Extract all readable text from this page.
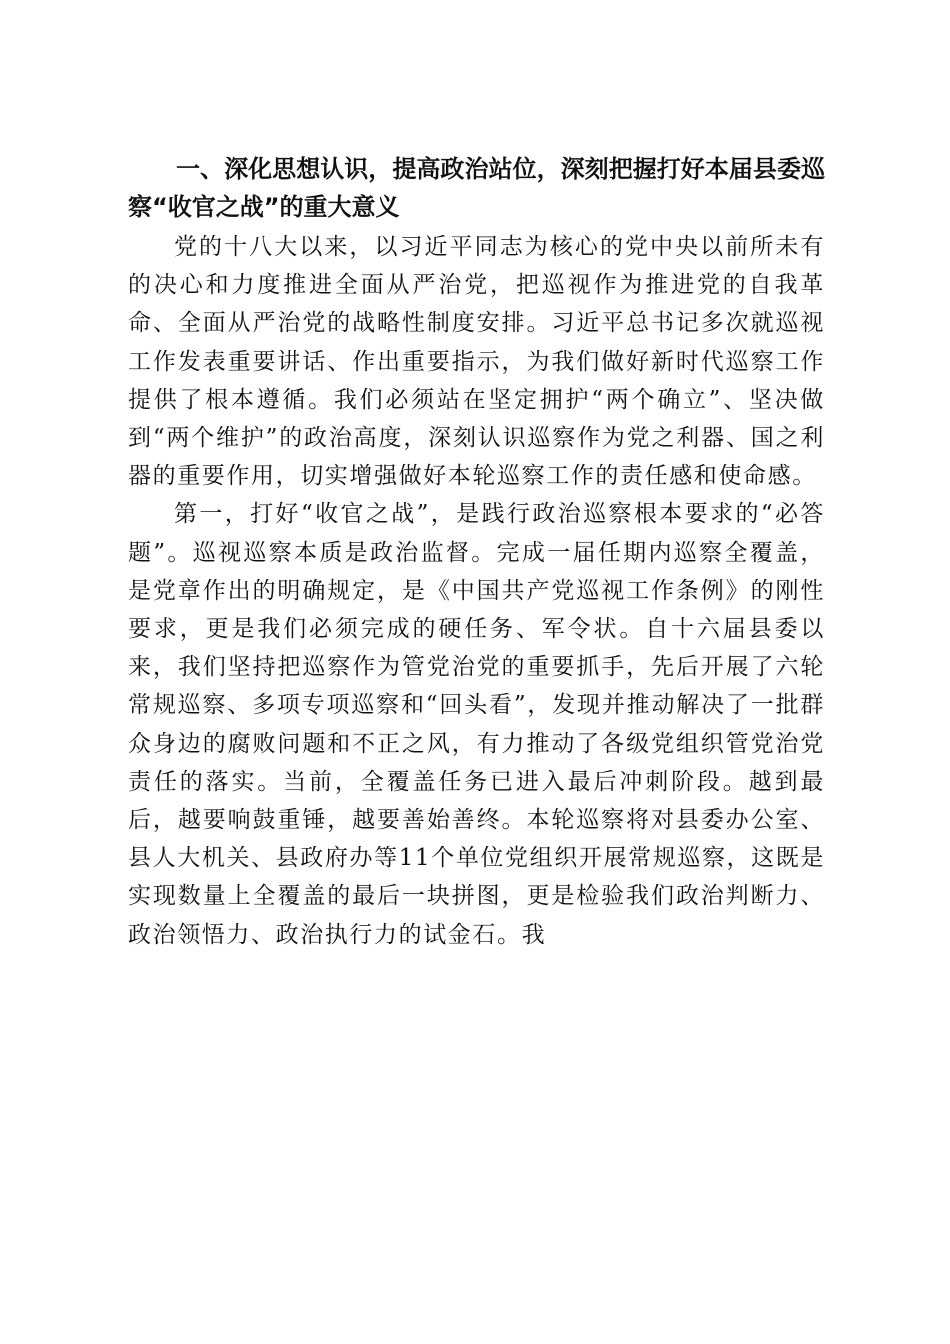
一、深化思想认识，提高政治站位，深刻把握打好本届县委巡察“收官之战”的重大意义

党的十八大以来，以习近平同志为核心的党中央以前所未有的决心和力度推进全面从严治党，把巡视作为推进党的自我革命、全面从严治党的战略性制度安排。习近平总书记多次就巡视工作发表重要讲话、作出重要指示，为我们做好新时代巡察工作提供了根本遵循。我们必须站在坚定拥护“两个确立”、坚决做到“两个维护”的政治高度，深刻认识巡察作为党之利器、国之利器的重要作用，切实增强做好本轮巡察工作的责任感和使命感。

第一，打好“收官之战”，是践行政治巡察根本要求的“必答题”。巡视巡察本质是政治监督。完成一届任期内巡察全覆盖，是党章作出的明确规定，是《中国共产党巡视工作条例》的刚性要求，更是我们必须完成的硬任务、军令状。自十六届县委以来，我们坚持把巡察作为管党治党的重要抓手，先后开展了六轮常规巡察、多项专项巡察和“回头看”，发现并推动解决了一批群众身边的腐败问题和不正之风，有力推动了各级党组织管党治党责任的落实。当前，全覆盖任务已进入最后冲刺阶段。越到最后，越要响鼓重锤，越要善始善终。本轮巡察将对县委办公室、县人大机关、县政府办等11个单位党组织开展常规巡察，这既是实现数量上全覆盖的最后一块拼图，更是检验我们政治判断力、政治领悟力、政治执行力的试金石。我
